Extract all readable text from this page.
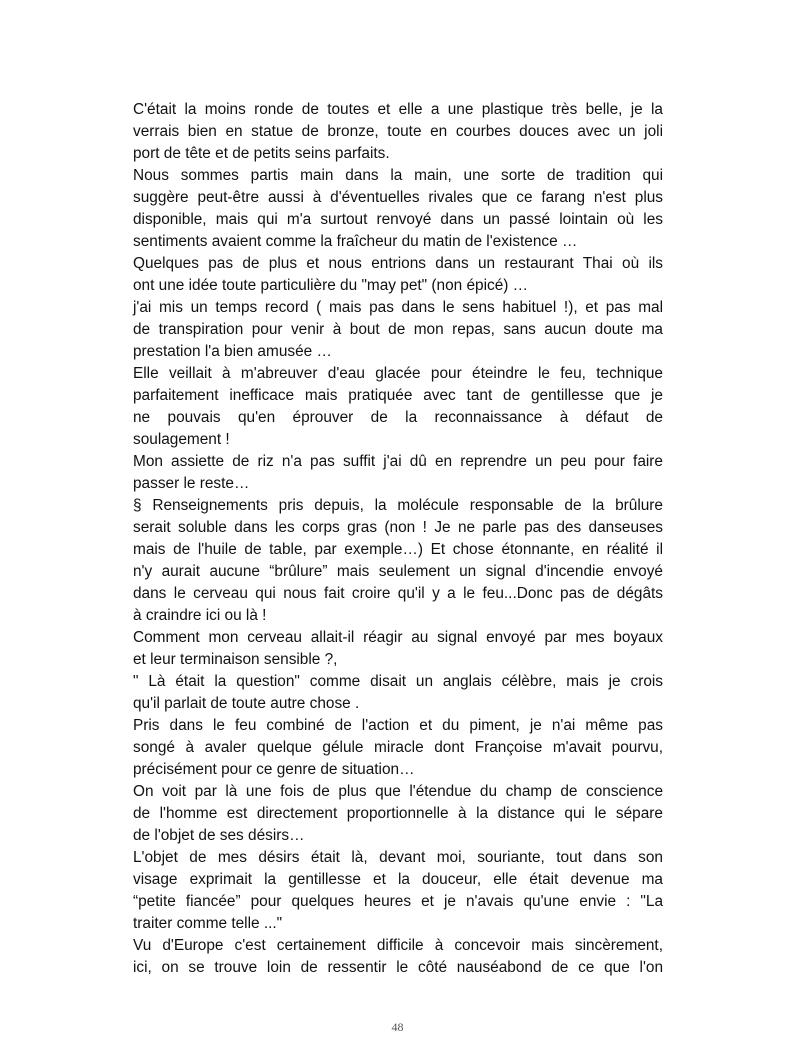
C'était la moins ronde de toutes et elle a une plastique très belle, je la
verrais bien en statue de bronze, toute en courbes douces avec un joli
port de tête et de petits seins parfaits.
Nous sommes partis main dans la main, une sorte de tradition qui
suggère peut-être aussi à d'éventuelles rivales que ce farang n'est plus
disponible, mais qui m'a surtout renvoyé dans un passé lointain où les
sentiments avaient comme la fraîcheur du matin de l'existence …
Quelques pas de plus et nous entrions dans un restaurant Thai où ils
ont une idée toute particulière du "may pet" (non épicé) …
j'ai mis un temps record ( mais pas dans le sens habituel !), et pas mal
de transpiration pour venir à bout de mon repas, sans aucun doute ma
prestation l'a bien amusée …
Elle veillait à m'abreuver d'eau glacée pour éteindre le feu, technique
parfaitement inefficace mais pratiquée avec tant de gentillesse que je
ne pouvais qu'en éprouver de la reconnaissance à défaut de
soulagement !
Mon assiette de riz n'a pas suffit j'ai dû en reprendre un peu pour faire
passer le reste…
§ Renseignements pris depuis, la molécule responsable de la brûlure
serait soluble dans les corps gras (non ! Je ne parle pas des danseuses
mais de l'huile de table, par exemple…) Et chose étonnante, en réalité il
n'y aurait aucune “brûlure” mais seulement un signal d'incendie envoyé
dans le cerveau qui nous fait croire qu'il y a le feu...Donc pas de dégâts
à craindre ici ou là !
Comment mon cerveau allait-il réagir au signal envoyé par mes boyaux
et leur terminaison sensible ?,
" Là était la question" comme disait un anglais célèbre, mais je crois
qu'il parlait de toute autre chose .
Pris dans le feu combiné de l'action et du piment, je n'ai même pas
songé à avaler quelque gélule miracle dont Françoise m'avait pourvu,
précisément pour ce genre de situation…
On voit par là une fois de plus que l'étendue du champ de conscience
de l'homme est directement proportionnelle à la distance qui le sépare
de l'objet de ses désirs…
L'objet de mes désirs était là, devant moi, souriante, tout dans son
visage exprimait la gentillesse et la douceur, elle était devenue ma
“petite fiancée” pour quelques heures et je n'avais qu'une envie : "La
traiter comme telle ..."
Vu d'Europe c'est certainement difficile à concevoir mais sincèrement,
ici, on se trouve loin de ressentir le côté nauséabond de ce que l'on
48
